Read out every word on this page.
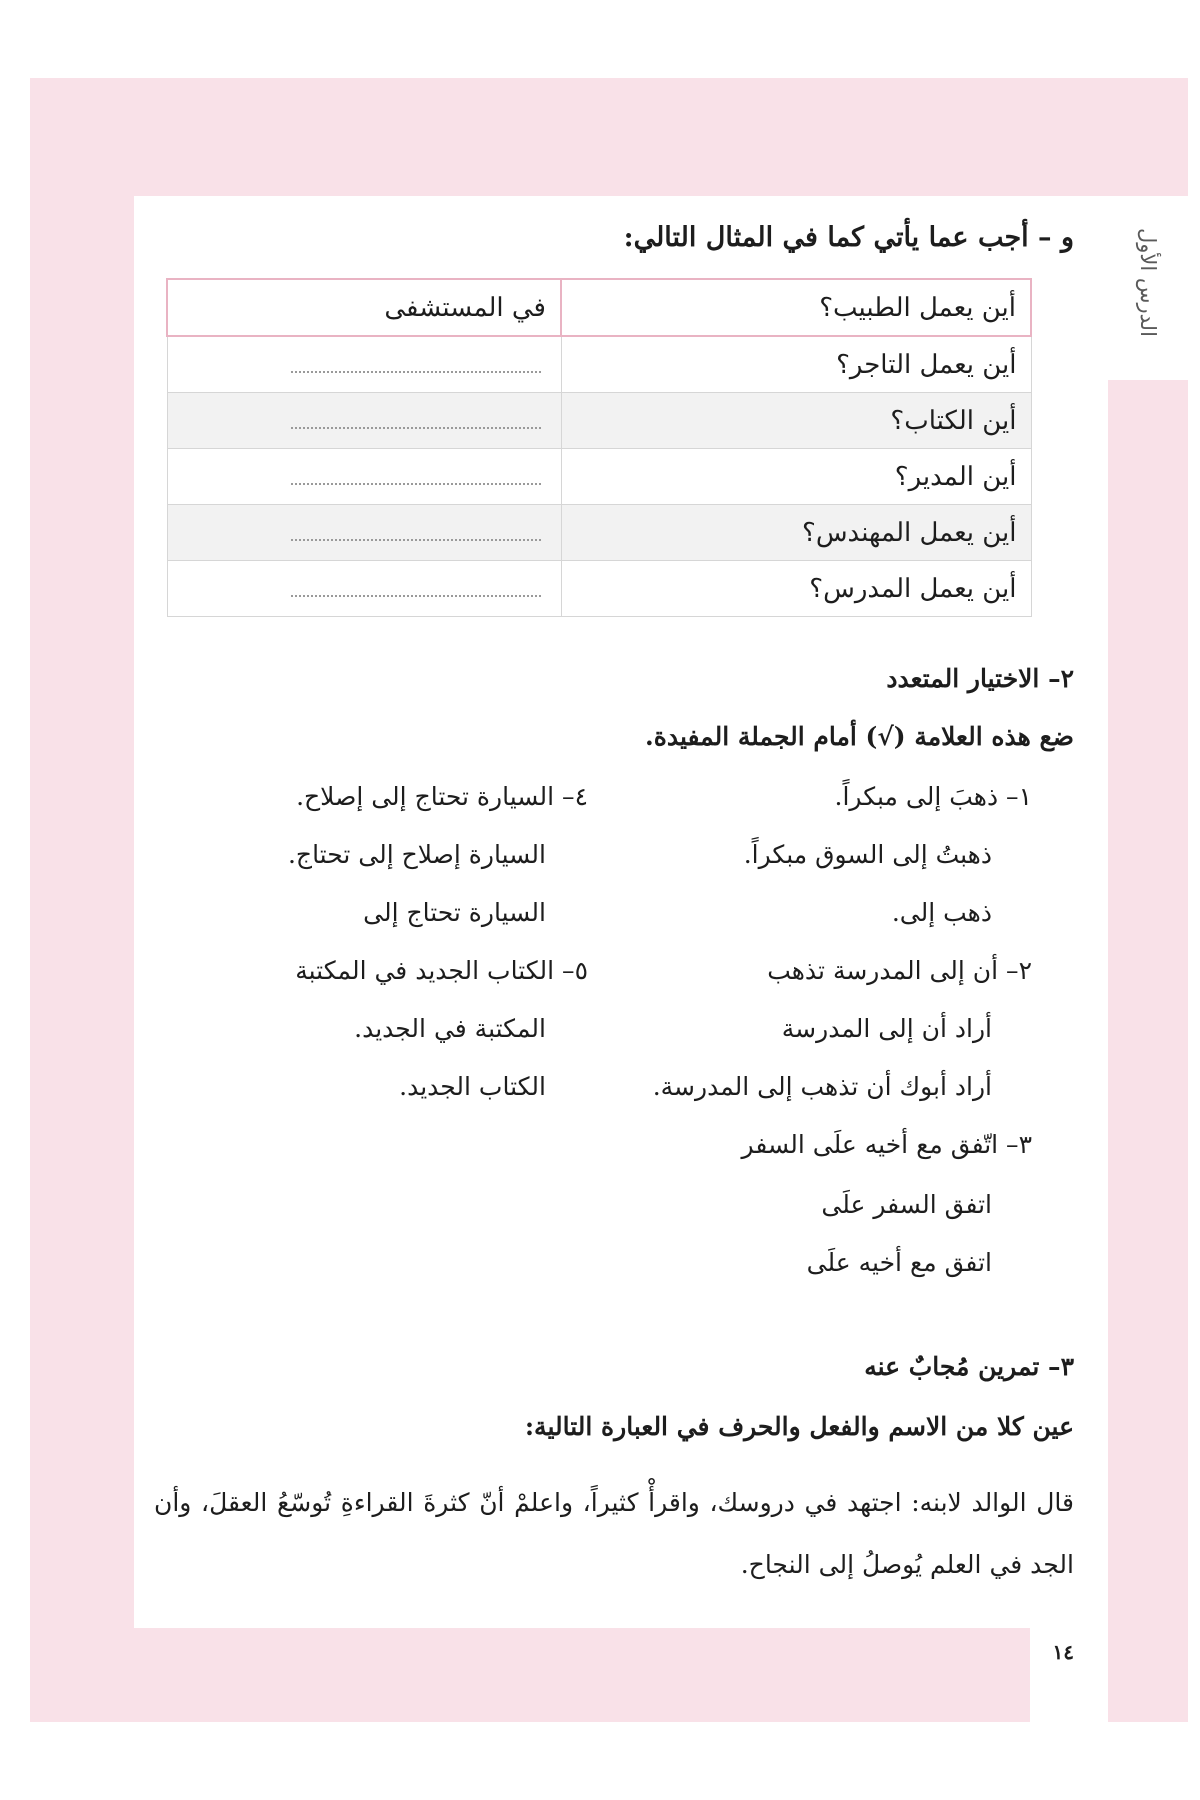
الدرس الأول
و – أجب عما يأتي كما في المثال التالي:
أين يعمل الطبيب؟	في المستشفى
أين يعمل التاجر؟	
أين الكتاب؟	
أين المدير؟	
أين يعمل المهندس؟	
أين يعمل المدرس؟	
٢– الاختيار المتعدد
ضع هذه العلامة (√) أمام الجملة المفيدة.
١– ذهبَ إلى مبكراً.
ذهبتُ إلى السوق مبكراً.
ذهب إلى.
٢– أن إلى المدرسة تذهب
أراد أن إلى المدرسة
أراد أبوك أن تذهب إلى المدرسة.
٣– اتّفق مع أخيه علَى السفر
اتفق السفر علَى
اتفق مع أخيه علَى
٤– السيارة تحتاج إلى إصلاح.
السيارة إصلاح إلى تحتاج.
السيارة تحتاج إلى
٥– الكتاب الجديد في المكتبة
المكتبة في الجديد.
الكتاب الجديد.
٣– تمرين مُجابٌ عنه
عين كلا من الاسم والفعل والحرف في العبارة التالية:
قال الوالد لابنه: اجتهد في دروسك، واقرأْ كثيراً، واعلمْ أنّ كثرةَ القراءةِ تُوسّعُ العقلَ، وأن الجد في العلم يُوصلُ إلى النجاح.
١٤
